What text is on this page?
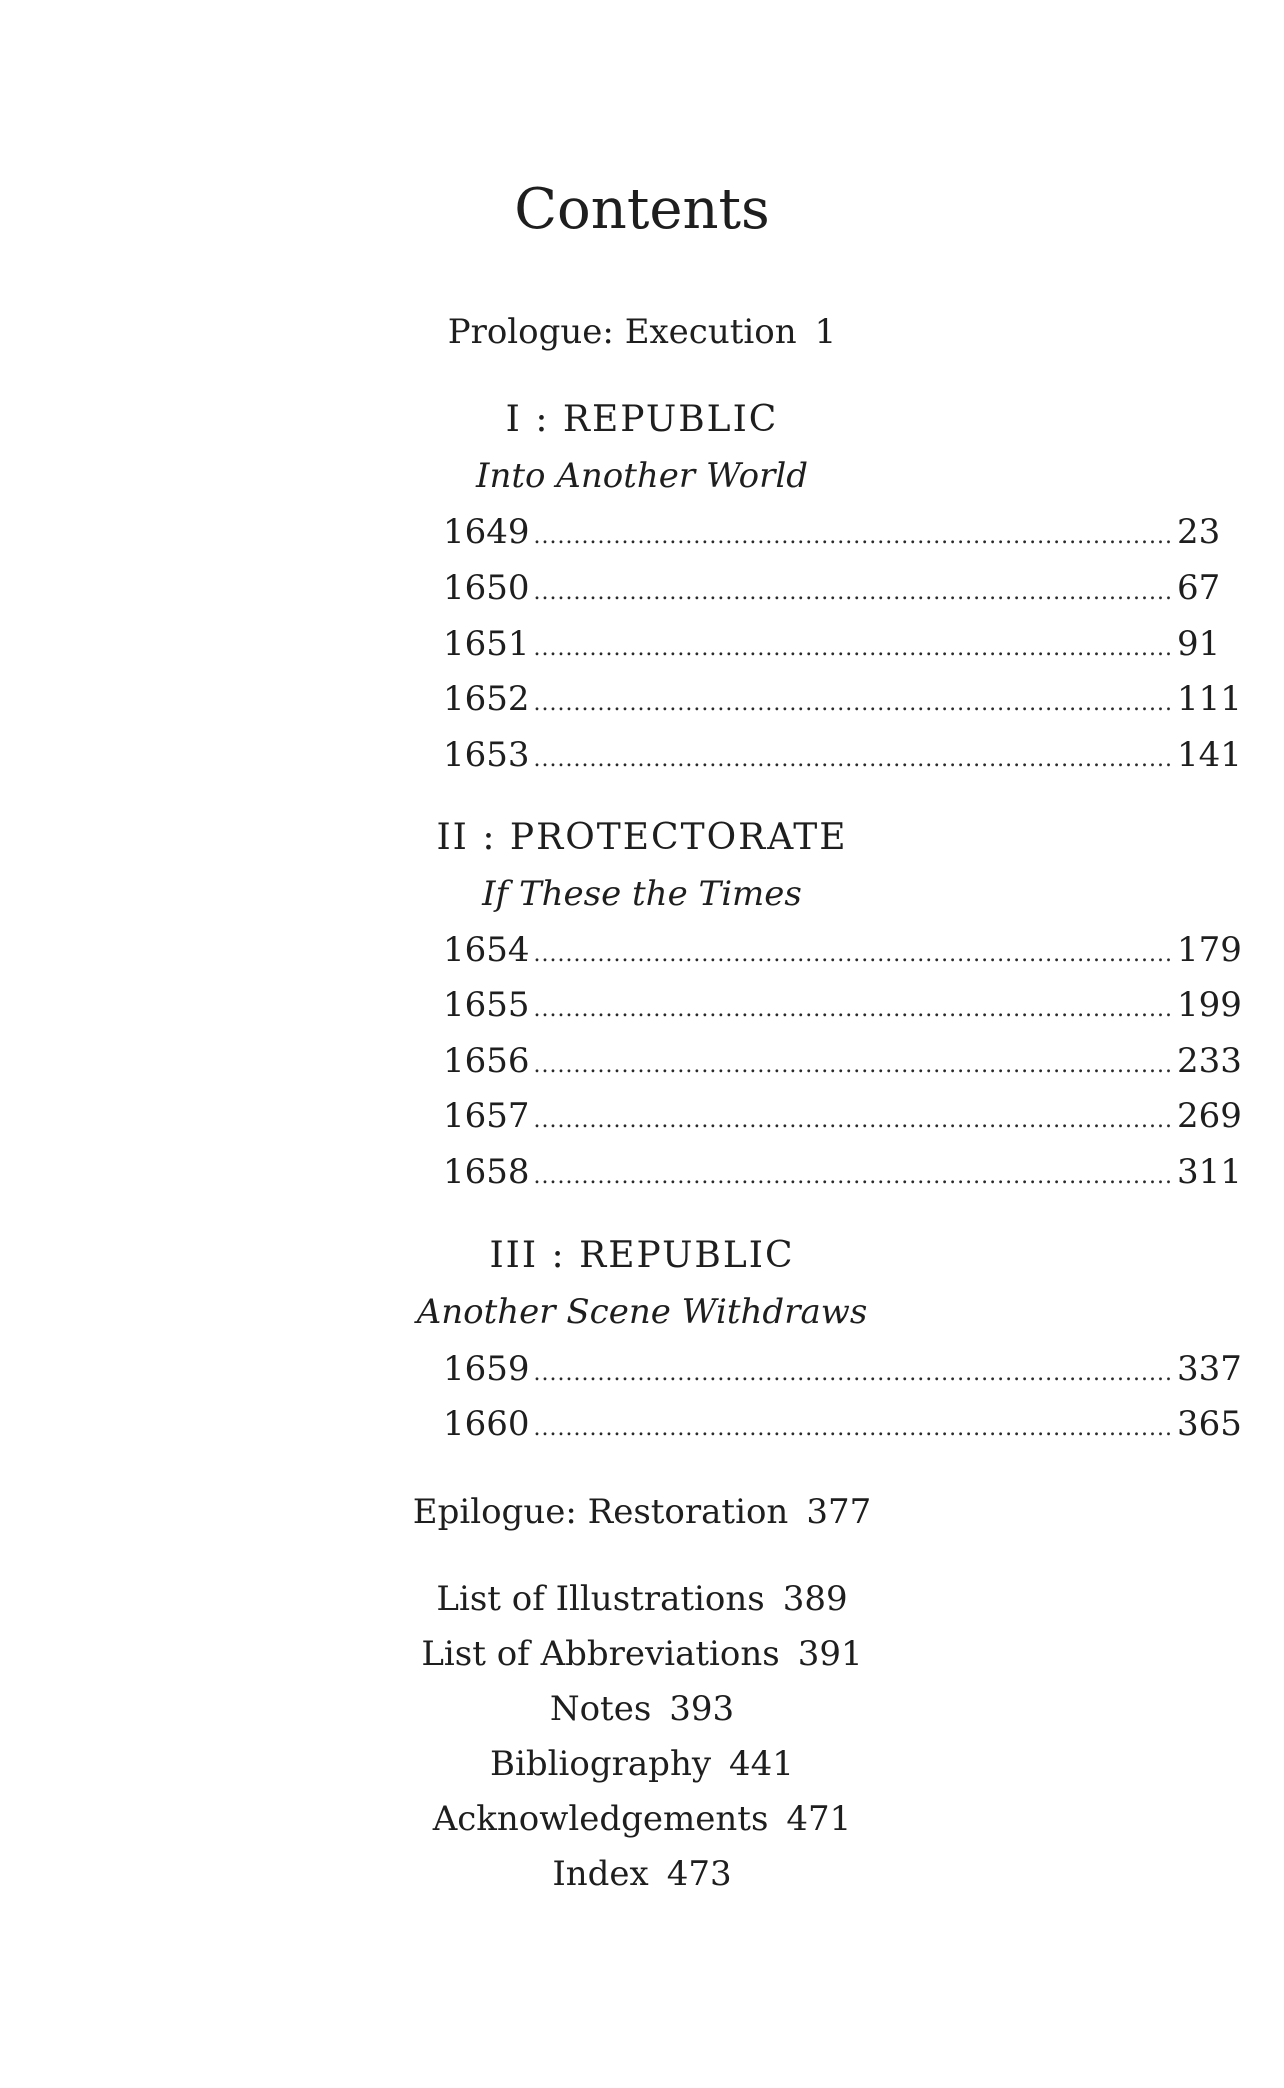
Contents
Prologue: Execution 1
I : REPUBLIC
Into Another World
1649 ................................................................................ 23
1650 ................................................................................ 67
1651 ................................................................................ 91
1652 ................................................................................ 111
1653 ................................................................................ 141
II : PROTECTORATE
If These the Times
1654 ................................................................................ 179
1655 ................................................................................ 199
1656 ................................................................................ 233
1657 ................................................................................ 269
1658 ................................................................................ 311
III : REPUBLIC
Another Scene Withdraws
1659 ................................................................................ 337
1660 ................................................................................ 365
Epilogue: Restoration 377
List of Illustrations 389
List of Abbreviations 391
Notes 393
Bibliography 441
Acknowledgements 471
Index 473
